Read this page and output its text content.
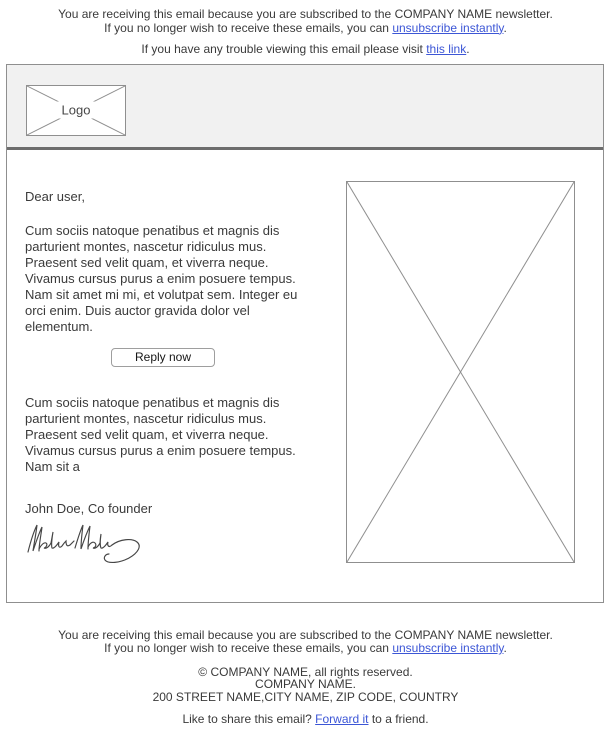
You are receiving this email because you are subscribed to the COMPANY NAME newsletter.
If you no longer wish to receive these emails, you can unsubscribe instantly.
If you have any trouble viewing this email please visit this link.
Logo
Dear user,

Cum sociis natoque penatibus et magnis dis parturient montes, nascetur ridiculus mus. Praesent sed velit quam, et viverra neque. Vivamus cursus purus a enim posuere tempus. Nam sit amet mi mi, et volutpat sem. Integer eu orci enim. Duis auctor gravida dolor vel elementum.

Reply now

Cum sociis natoque penatibus et magnis dis parturient montes, nascetur ridiculus mus. Praesent sed velit quam, et viverra neque. Vivamus cursus purus a enim posuere tempus. Nam sit a

John Doe, Co founder
You are receiving this email because you are subscribed to the COMPANY NAME newsletter.
If you no longer wish to receive these emails, you can unsubscribe instantly.
© COMPANY NAME, all rights reserved.
COMPANY NAME.
200 STREET NAME,CITY NAME, ZIP CODE, COUNTRY
Like to share this email? Forward it to a friend.
